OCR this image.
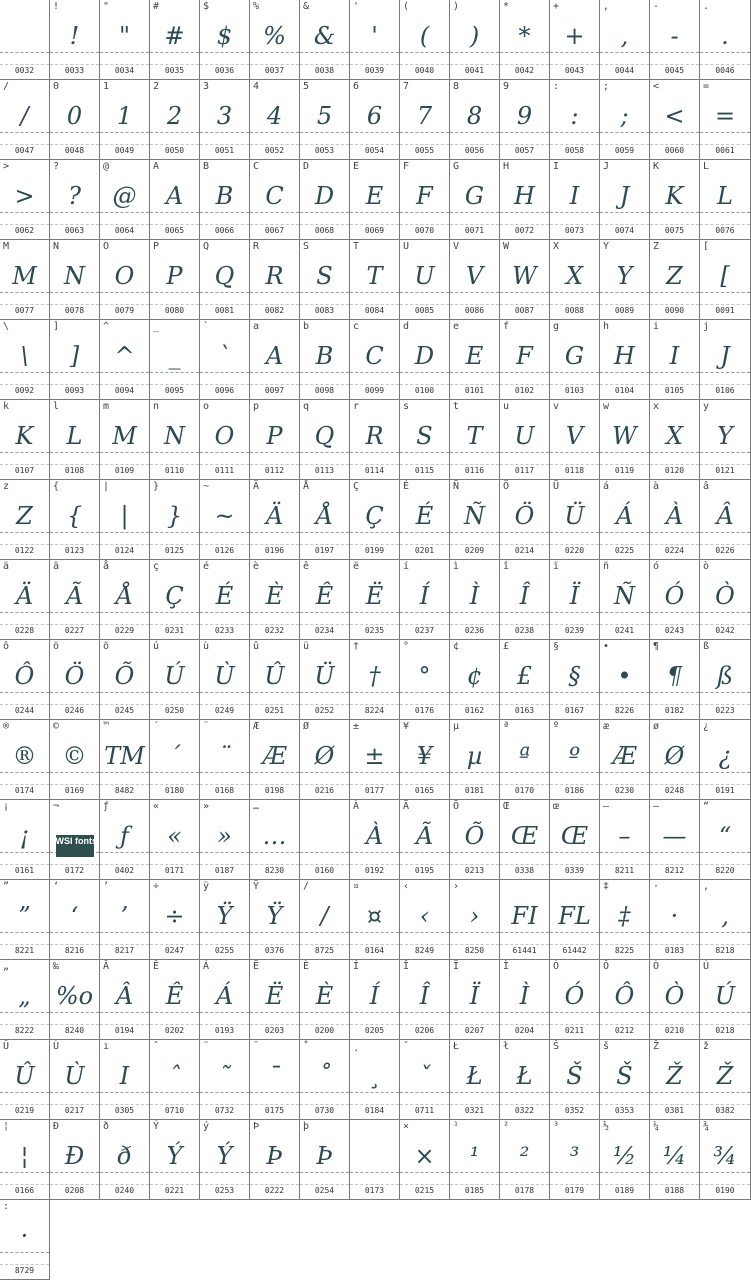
0032
!
!
0033
"
"
0034
#
#
0035
$
$
0036
%
%
0037
&
&
0038
'
'
0039
(
(
0040
)
)
0041
*
*
0042
+
+
0043
,
,
0044
-
-
0045
.
.
0046
/
/
0047
0
0
0048
1
1
0049
2
2
0050
3
3
0051
4
4
0052
5
5
0053
6
6
0054
7
7
0055
8
8
0056
9
9
0057
:
:
0058
;
;
0059
<
<
0060
=
=
0061
>
>
0062
?
?
0063
@
@
0064
A
A
0065
B
B
0066
C
C
0067
D
D
0068
E
E
0069
F
F
0070
G
G
0071
H
H
0072
I
I
0073
J
J
0074
K
K
0075
L
L
0076
M
M
0077
N
N
0078
O
O
0079
P
P
0080
Q
Q
0081
R
R
0082
S
S
0083
T
T
0084
U
U
0085
V
V
0086
W
W
0087
X
X
0088
Y
Y
0089
Z
Z
0090
[
[
0091
\
\
0092
]
]
0093
^
^
0094
_
_
0095
`
`
0096
a
A
0097
b
B
0098
c
C
0099
d
D
0100
e
E
0101
f
F
0102
g
G
0103
h
H
0104
i
I
0105
j
J
0106
k
K
0107
l
L
0108
m
M
0109
n
N
0110
o
O
0111
p
P
0112
q
Q
0113
r
R
0114
s
S
0115
t
T
0116
u
U
0117
v
V
0118
w
W
0119
x
X
0120
y
Y
0121
z
Z
0122
{
{
0123
|
|
0124
}
}
0125
~
~
0126
Ä
Ä
0196
Å
Å
0197
Ç
Ç
0199
É
É
0201
Ñ
Ñ
0209
Ö
Ö
0214
Ü
Ü
0220
á
Á
0225
à
À
0224
â
Â
0226
ä
Ä
0228
ã
Ã
0227
å
Å
0229
ç
Ç
0231
é
É
0233
è
È
0232
ê
Ê
0234
ë
Ë
0235
í
Í
0237
ì
Ì
0236
î
Î
0238
ï
Ï
0239
ñ
Ñ
0241
ó
Ó
0243
ò
Ò
0242
ô
Ô
0244
ö
Ö
0246
õ
Õ
0245
ú
Ú
0250
ù
Ù
0249
û
Û
0251
ü
Ü
0252
†
†
8224
°
°
0176
¢
¢
0162
£
£
0163
§
§
0167
•
•
8226
¶
¶
0182
ß
ß
0223
®
®
0174
©
©
0169
™
TM
8482
´
´
0180
¨
¨
0168
Æ
Æ
0198
Ø
Ø
0216
±
±
0177
¥
¥
0165
µ
µ
0181
ª
ª
0170
º
º
0186
æ
Æ
0230
ø
Ø
0248
¿
¿
0191
¡
¡
0161
¬
WSI fonts
0172
ƒ
ƒ
0402
«
«
0171
»
»
0187
…
…
8230	0160
À
À
0192
Ã
Ã
0195
Õ
Õ
0213
Œ
Œ
0338
œ
Œ
0339
–
–
8211
—
—
8212
“
“
8220
”
”
8221
‘
‘
8216
’
’
8217
÷
÷
0247
ÿ
Ÿ
0255
Ÿ
Ÿ
0376
∕
/
8725
¤
¤
0164
‹
‹
8249
›
›
8250
FI
61441
FL
61442
‡
‡
8225
·
·
0183
‚
‚
8218
„
„
8222
‰
%o
8240
Â
Â
0194
Ê
Ê
0202
Á
Á
0193
Ë
Ë
0203
È
È
0200
Í
Í
0205
Î
Î
0206
Ï
Ï
0207
Ì
Ì
0204
Ó
Ó
0211
Ô
Ô
0212
Ò
Ò
0210
Ú
Ú
0218
Û
Û
0219
Ù
Ù
0217
ı
I
0305
ˆ
ˆ
0710
˜
˜
0732
¯
¯
0175
˚
˚
0730
¸
¸
0184
ˇ
ˇ
0711
Ł
Ł
0321
ł
Ł
0322
Š
Š
0352
š
Š
0353
Ž
Ž
0381
ž
Ž
0382
¦
¦
0166
Ð
Ð
0208
ð
ð
0240
Ý
Ý
0221
ý
Ý
0253
Þ
Þ
0222
þ
Þ
0254	0173
×
×
0215
¹
¹
0185
²
²
0178
³
³
0179
½
½
0189
¼
¼
0188
¾
¾
0190
:
·
8729
